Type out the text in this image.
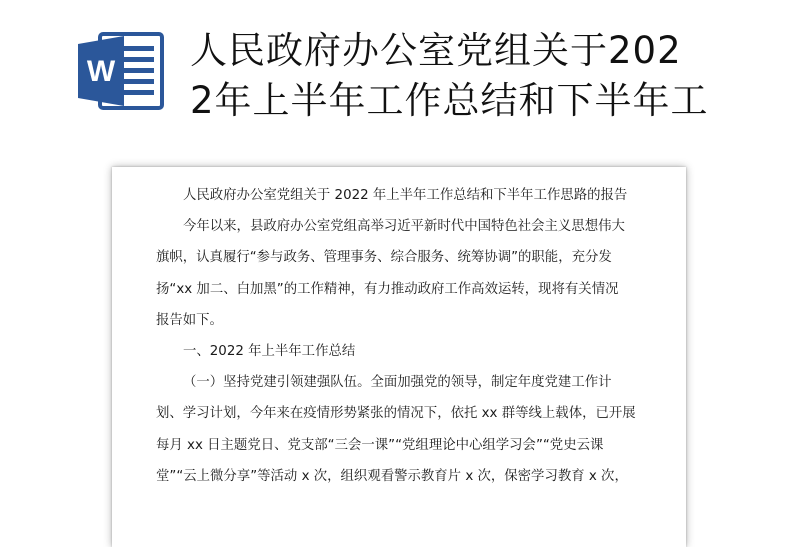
W 人民政府办公室党组关于202
2年上半年工作总结和下半年工
人民政府办公室党组关于 2022 年上半年工作总结和下半年工作思路的报告
今年以来，县政府办公室党组高举习近平新时代中国特色社会主义思想伟大
旗帜，认真履行“参与政务、管理事务、综合服务、统筹协调”的职能，充分发
扬“xx 加二、白加黑”的工作精神，有力推动政府工作高效运转，现将有关情况
报告如下。
一、2022 年上半年工作总结
（一）坚持党建引领建强队伍。全面加强党的领导，制定年度党建工作计
划、学习计划，今年来在疫情形势紧张的情况下，依托 xx 群等线上载体，已开展
每月 xx 日主题党日、党支部“三会一课”“党组理论中心组学习会”“党史云课
堂”“云上微分享”等活动 x 次，组织观看警示教育片 x 次，保密学习教育 x 次，
